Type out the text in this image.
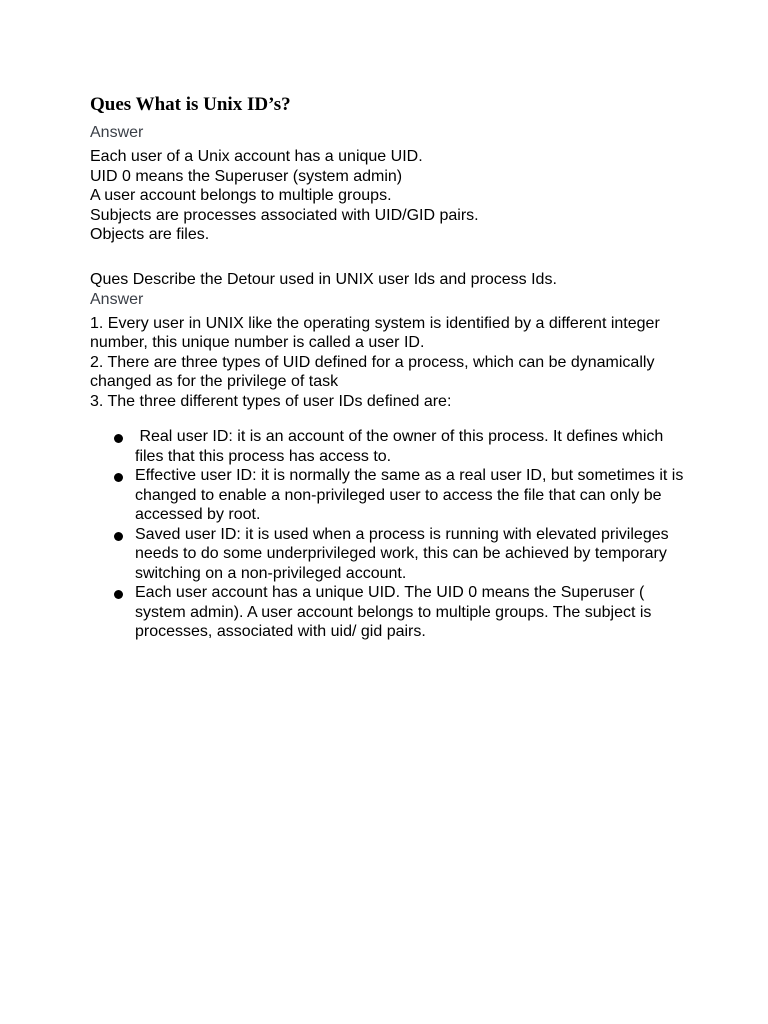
Ques What is Unix ID’s?

Answer

Each user of a Unix account has a unique UID.
UID 0 means the Superuser (system admin)
A user account belongs to multiple groups.
Subjects are processes associated with UID/GID pairs.
Objects are files.

Ques Describe the Detour used in UNIX user Ids and process Ids.

Answer

1. Every user in UNIX like the operating system is identified by a different integer number, this unique number is called a user ID.

2. There are three types of UID defined for a process, which can be dynamically changed as for the privilege of task

3. The three different types of user IDs defined are:

Real user ID: it is an account of the owner of this process. It defines which files that this process has access to.
Effective user ID: it is normally the same as a real user ID, but sometimes it is changed to enable a non-privileged user to access the file that can only be accessed by root.
Saved user ID: it is used when a process is running with elevated privileges needs to do some underprivileged work, this can be achieved by temporary switching on a non-privileged account.
Each user account has a unique UID. The UID 0 means the Superuser ( system admin). A user account belongs to multiple groups. The subject is processes, associated with uid/ gid pairs.
